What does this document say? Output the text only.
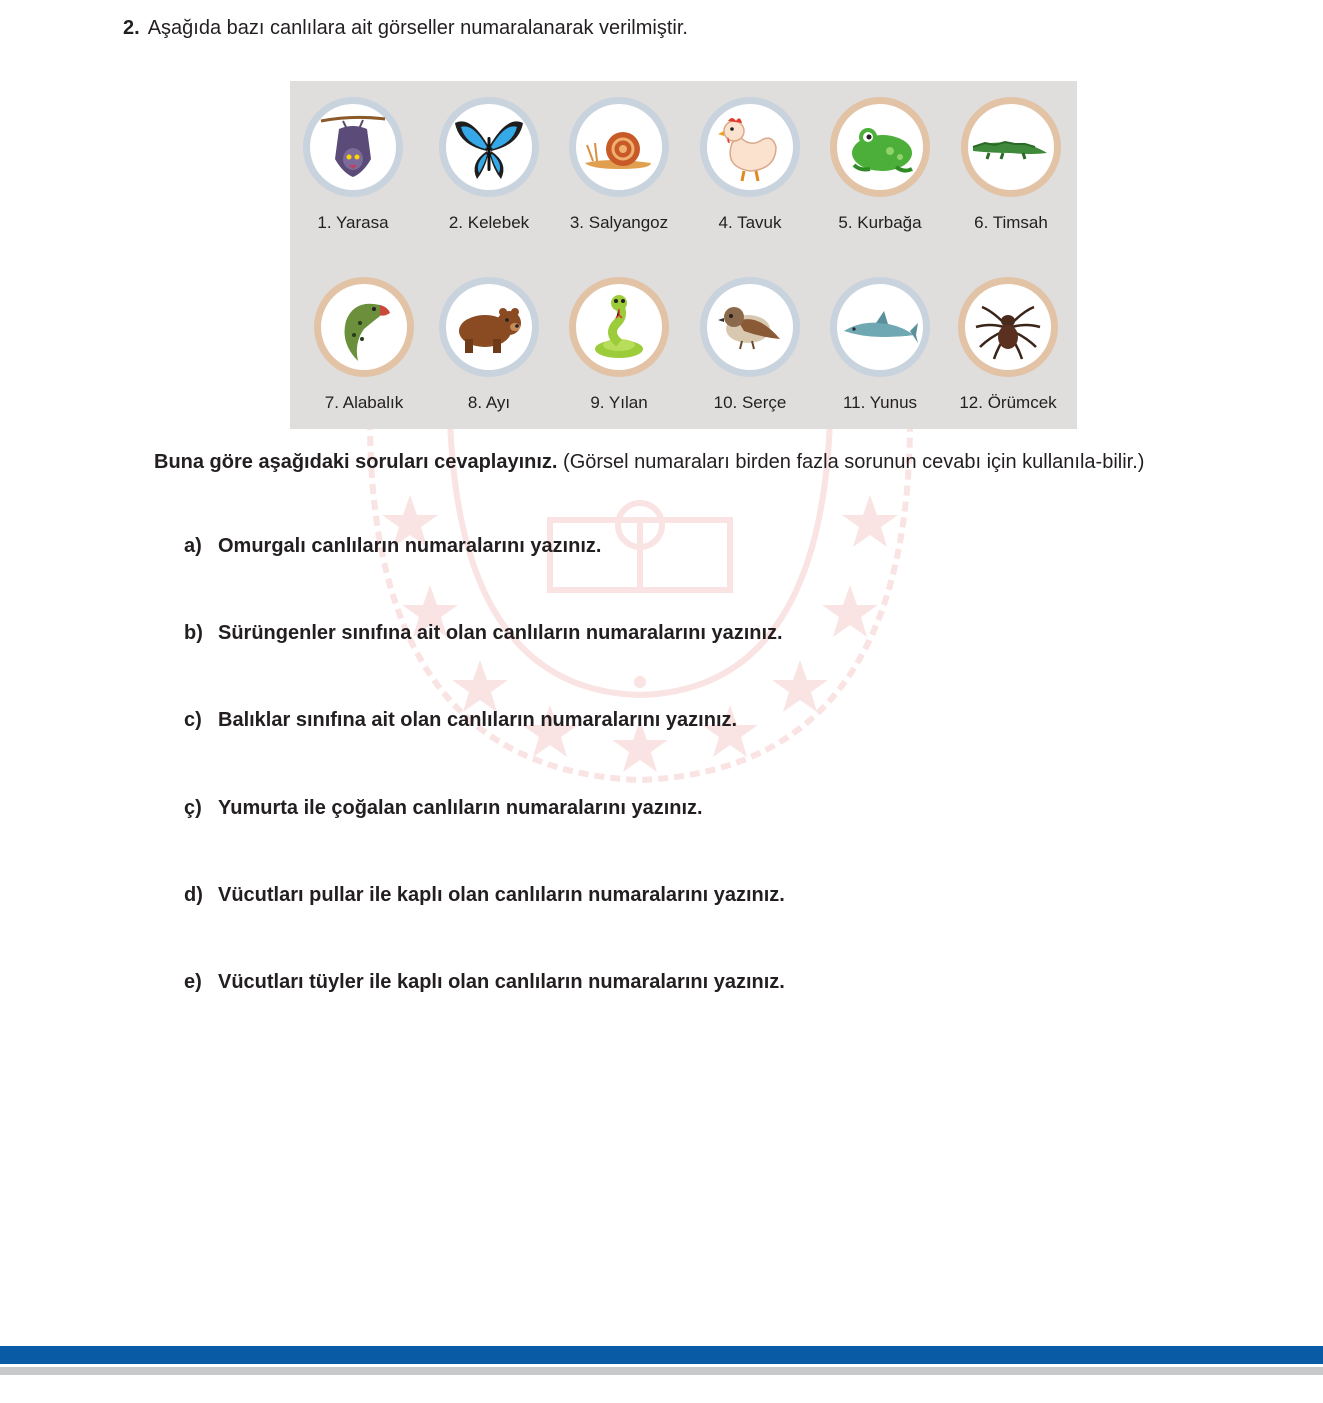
2. Aşağıda bazı canlılara ait görseller numaralanarak verilmiştir.
1. Yarasa	2. Kelebek	3. Salyangoz	4. Tavuk	5. Kurbağa	6. Timsah
7. Alabalık	8. Ayı	9. Yılan	10. Serçe	11. Yunus	12. Örümcek
Buna göre aşağıdaki soruları cevaplayınız. (Görsel numaraları birden fazla sorunun cevabı için kullanıla-bilir.)
a) Omurgalı canlıların numaralarını yazınız.
b) Sürüngenler sınıfına ait olan canlıların numaralarını yazınız.
c) Balıklar sınıfına ait olan canlıların numaralarını yazınız.
ç) Yumurta ile çoğalan canlıların numaralarını yazınız.
d) Vücutları pullar ile kaplı olan canlıların numaralarını yazınız.
e) Vücutları tüyler ile kaplı olan canlıların numaralarını yazınız.
